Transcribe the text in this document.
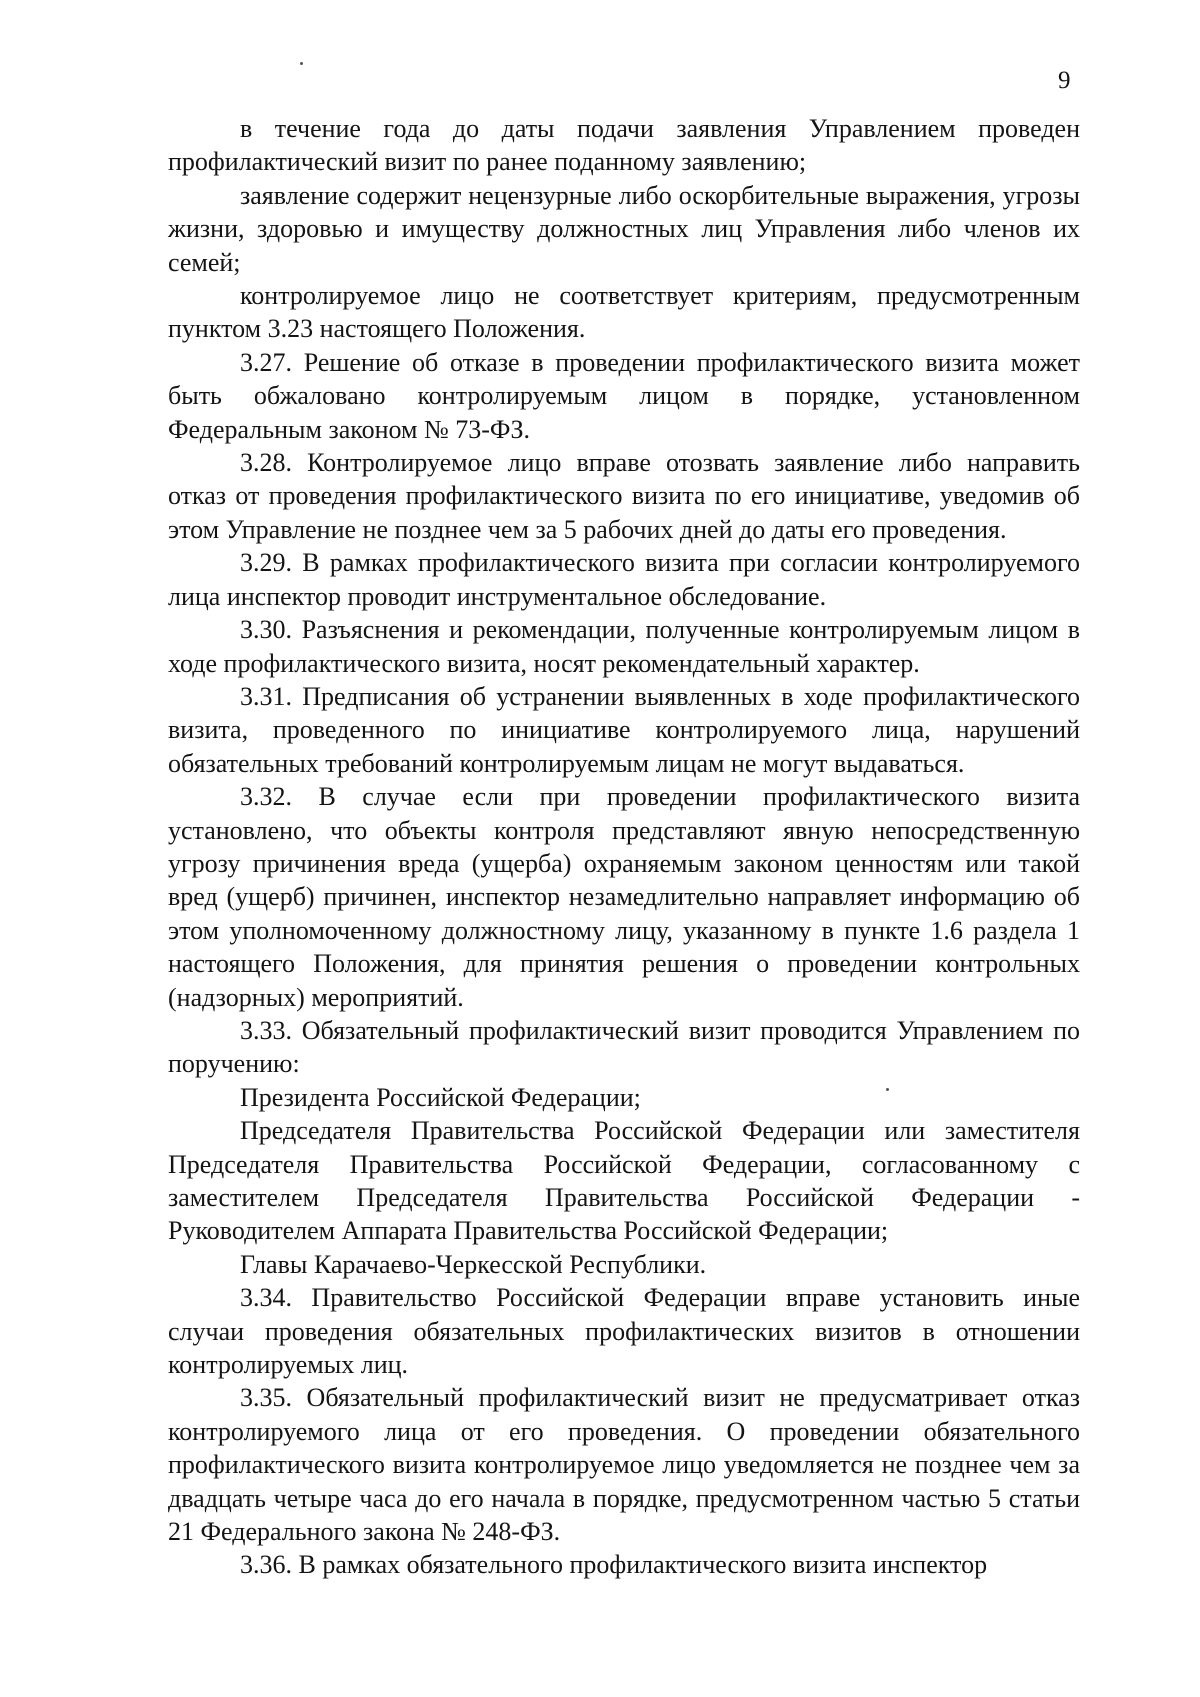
9

в течение года до даты подачи заявления Управлением проведен профилактический визит по ранее поданному заявлению;

заявление содержит нецензурные либо оскорбительные выражения, угрозы жизни, здоровью и имуществу должностных лиц Управления либо членов их семей;

контролируемое лицо не соответствует критериям, предусмотренным пунктом 3.23 настоящего Положения.

3.27. Решение об отказе в проведении профилактического визита может быть обжаловано контролируемым лицом в порядке, установленном Федеральным законом № 73-ФЗ.

3.28. Контролируемое лицо вправе отозвать заявление либо направить отказ от проведения профилактического визита по его инициативе, уведомив об этом Управление не позднее чем за 5 рабочих дней до даты его проведения.

3.29. В рамках профилактического визита при согласии контролируемого лица инспектор проводит инструментальное обследование.

3.30. Разъяснения и рекомендации, полученные контролируемым лицом в ходе профилактического визита, носят рекомендательный характер.

3.31. Предписания об устранении выявленных в ходе профилактического визита, проведенного по инициативе контролируемого лица, нарушений обязательных требований контролируемым лицам не могут выдаваться.

3.32. В случае если при проведении профилактического визита установлено, что объекты контроля представляют явную непосредственную угрозу причинения вреда (ущерба) охраняемым законом ценностям или такой вред (ущерб) причинен, инспектор незамедлительно направляет информацию об этом уполномоченному должностному лицу, указанному в пункте 1.6 раздела 1 настоящего Положения, для принятия решения о проведении контрольных (надзорных) мероприятий.

3.33. Обязательный профилактический визит проводится Управлением по поручению:

Президента Российской Федерации;

Председателя Правительства Российской Федерации или заместителя Председателя Правительства Российской Федерации, согласованному с заместителем Председателя Правительства Российской Федерации - Руководителем Аппарата Правительства Российской Федерации;

Главы Карачаево-Черкесской Республики.

3.34. Правительство Российской Федерации вправе установить иные случаи проведения обязательных профилактических визитов в отношении контролируемых лиц.

3.35. Обязательный профилактический визит не предусматривает отказ контролируемого лица от его проведения. О проведении обязательного профилактического визита контролируемое лицо уведомляется не позднее чем за двадцать четыре часа до его начала в порядке, предусмотренном частью 5 статьи 21 Федерального закона № 248-ФЗ.

3.36. В рамках обязательного профилактического визита инспектор
